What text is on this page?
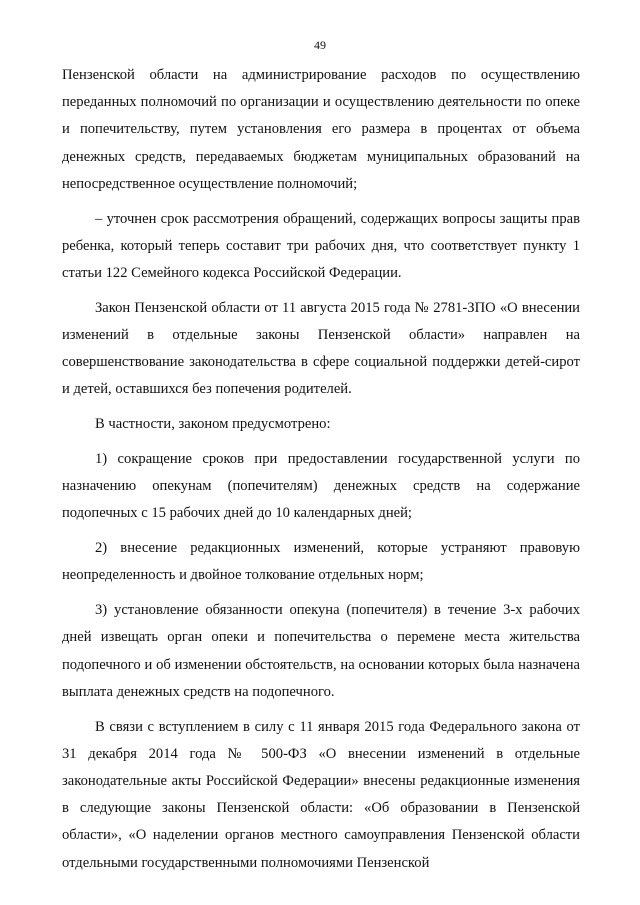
49

Пензенской области на администрирование расходов по осуществлению переданных полномочий по организации и осуществлению деятельности по опеке и попечительству, путем установления его размера в процентах от объема денежных средств, передаваемых бюджетам муниципальных образований на непосредственное осуществление полномочий;

– уточнен срок рассмотрения обращений, содержащих вопросы защиты прав ребенка, который теперь составит три рабочих дня, что соответствует пункту 1 статьи 122 Семейного кодекса Российской Федерации.

Закон Пензенской области от 11 августа 2015 года № 2781-ЗПО «О внесении изменений в отдельные законы Пензенской области» направлен на совершенствование законодательства в сфере социальной поддержки детей-сирот и детей, оставшихся без попечения родителей.

В частности, законом предусмотрено:

1) сокращение сроков при предоставлении государственной услуги по назначению опекунам (попечителям) денежных средств на содержание подопечных с 15 рабочих дней до 10 календарных дней;

2) внесение редакционных изменений, которые устраняют правовую неопределенность и двойное толкование отдельных норм;

3) установление обязанности опекуна (попечителя) в течение 3-х рабочих дней извещать орган опеки и попечительства о перемене места жительства подопечного и об изменении обстоятельств, на основании которых была назначена выплата денежных средств на подопечного.

В связи с вступлением в силу с 11 января 2015 года Федерального закона от 31 декабря 2014 года № 500-ФЗ «О внесении изменений в отдельные законодательные акты Российской Федерации» внесены редакционные изменения в следующие законы Пензенской области: «Об образовании в Пензенской области», «О наделении органов местного самоуправления Пензенской области отдельными государственными полномочиями Пензенской
